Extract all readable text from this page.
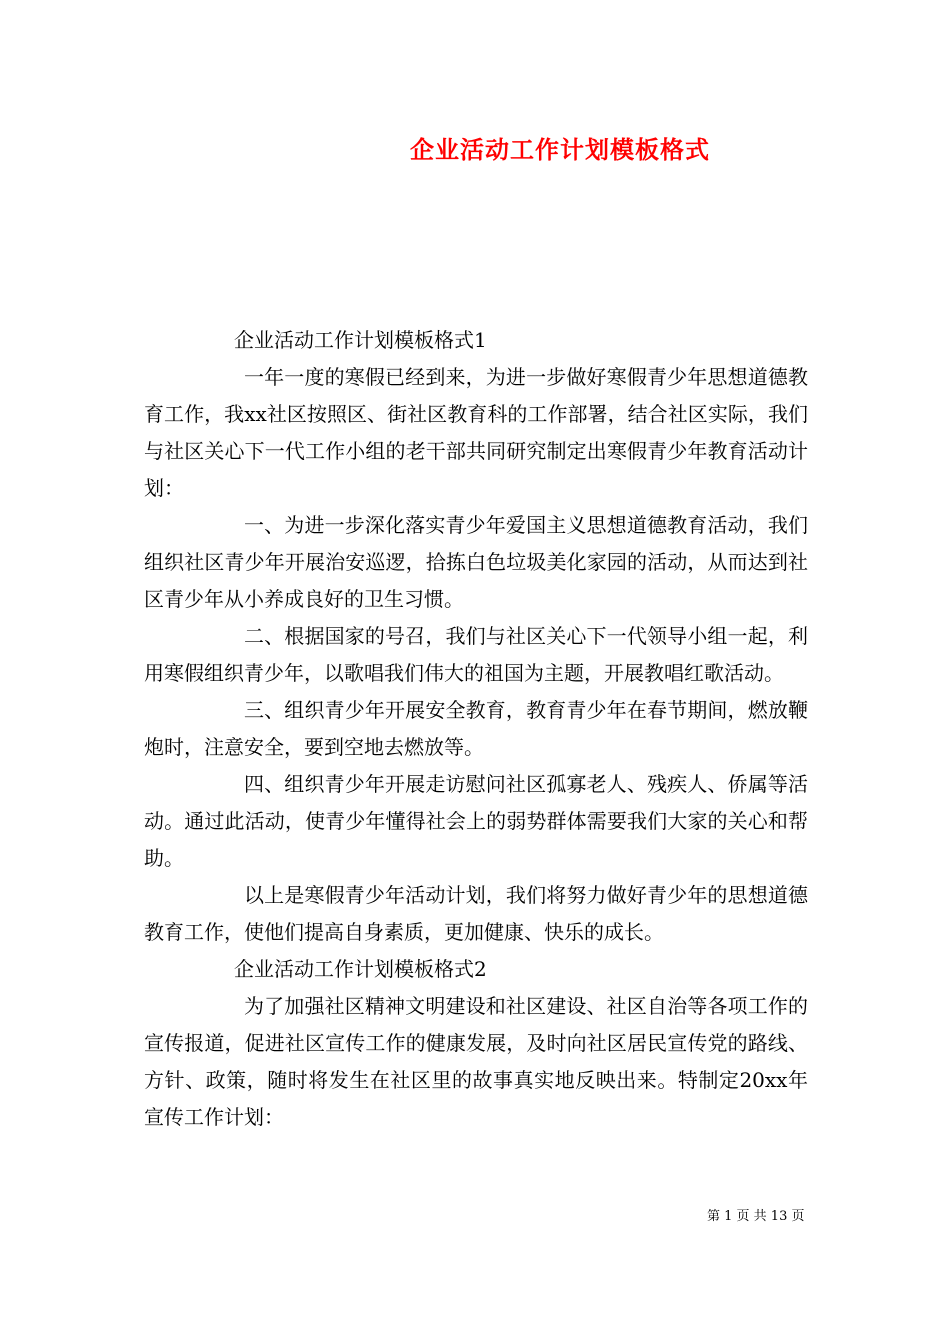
企业活动工作计划模板格式

企业活动工作计划模板格式1

一年一度的寒假已经到来，为进一步做好寒假青少年思想道德教育工作，我xx社区按照区、街社区教育科的工作部署，结合社区实际，我们与社区关心下一代工作小组的老干部共同研究制定出寒假青少年教育活动计划：

一、为进一步深化落实青少年爱国主义思想道德教育活动，我们组织社区青少年开展治安巡逻，拾拣白色垃圾美化家园的活动，从而达到社区青少年从小养成良好的卫生习惯。

二、根据国家的号召，我们与社区关心下一代领导小组一起，利用寒假组织青少年，以歌唱我们伟大的祖国为主题，开展教唱红歌活动。

三、组织青少年开展安全教育，教育青少年在春节期间，燃放鞭炮时，注意安全，要到空地去燃放等。

四、组织青少年开展走访慰问社区孤寡老人、残疾人、侨属等活动。通过此活动，使青少年懂得社会上的弱势群体需要我们大家的关心和帮助。

以上是寒假青少年活动计划，我们将努力做好青少年的思想道德教育工作，使他们提高自身素质，更加健康、快乐的成长。

企业活动工作计划模板格式2

为了加强社区精神文明建设和社区建设、社区自治等各项工作的宣传报道，促进社区宣传工作的健康发展，及时向社区居民宣传党的路线、方针、政策，随时将发生在社区里的故事真实地反映出来。特制定20xx年宣传工作计划：

第 1 页 共 13 页
